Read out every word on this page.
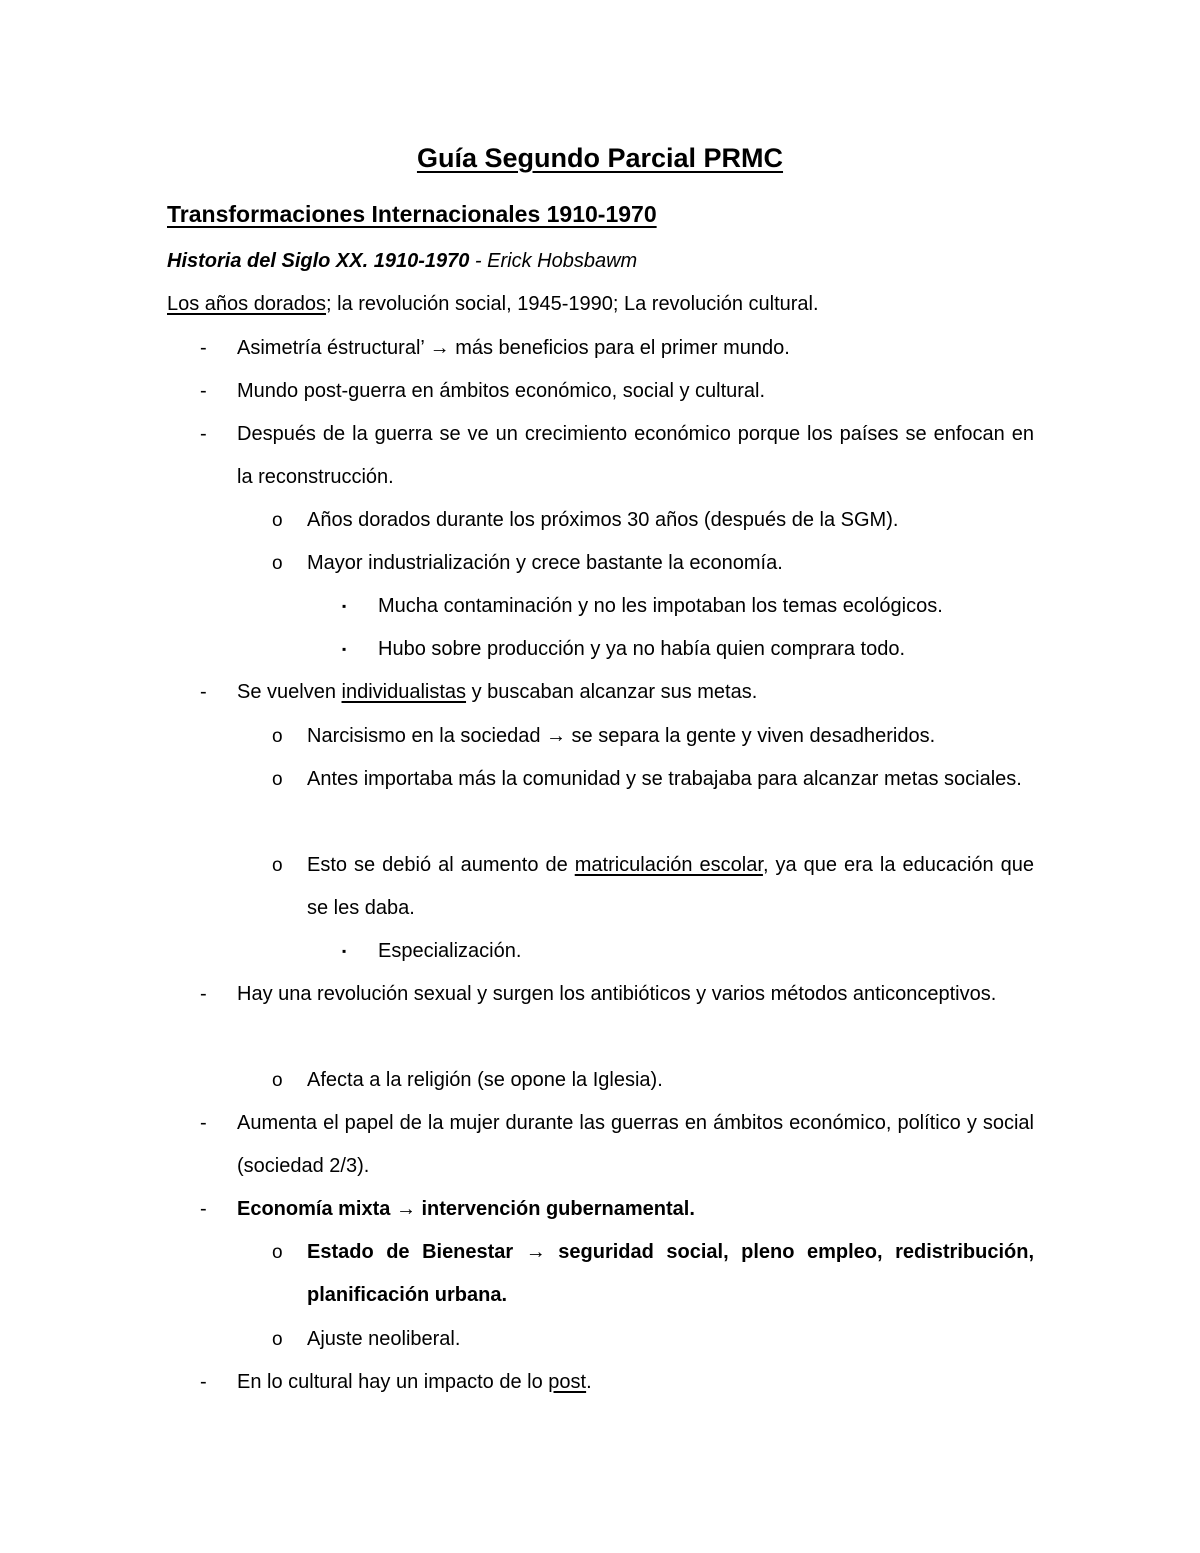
Guía Segundo Parcial PRMC
Transformaciones Internacionales 1910-1970
Historia del Siglo XX. 1910-1970 - Erick Hobsbawm
Los años dorados; la revolución social, 1945-1990; La revolución cultural.
- Asimetría éstructural’ → más beneficios para el primer mundo.
- Mundo post-guerra en ámbitos económico, social y cultural.
- Después de la guerra se ve un crecimiento económico porque los países se enfocan en la reconstrucción.
o Años dorados durante los próximos 30 años (después de la SGM).
o Mayor industrialización y crece bastante la economía.
▪ Mucha contaminación y no les impotaban los temas ecológicos.
▪ Hubo sobre producción y ya no había quien comprara todo.
- Se vuelven individualistas y buscaban alcanzar sus metas.
o Narcisismo en la sociedad → se separa la gente y viven desadheridos.
o Antes importaba más la comunidad y se trabajaba para alcanzar metas sociales.
o Esto se debió al aumento de matriculación escolar, ya que era la educación que se les daba.
▪ Especialización.
- Hay una revolución sexual y surgen los antibióticos y varios métodos anticonceptivos.
o Afecta a la religión (se opone la Iglesia).
- Aumenta el papel de la mujer durante las guerras en ámbitos económico, político y social (sociedad 2/3).
- Economía mixta → intervención gubernamental.
o Estado de Bienestar → seguridad social, pleno empleo, redistribución, planificación urbana.
o Ajuste neoliberal.
- En lo cultural hay un impacto de lo post.
